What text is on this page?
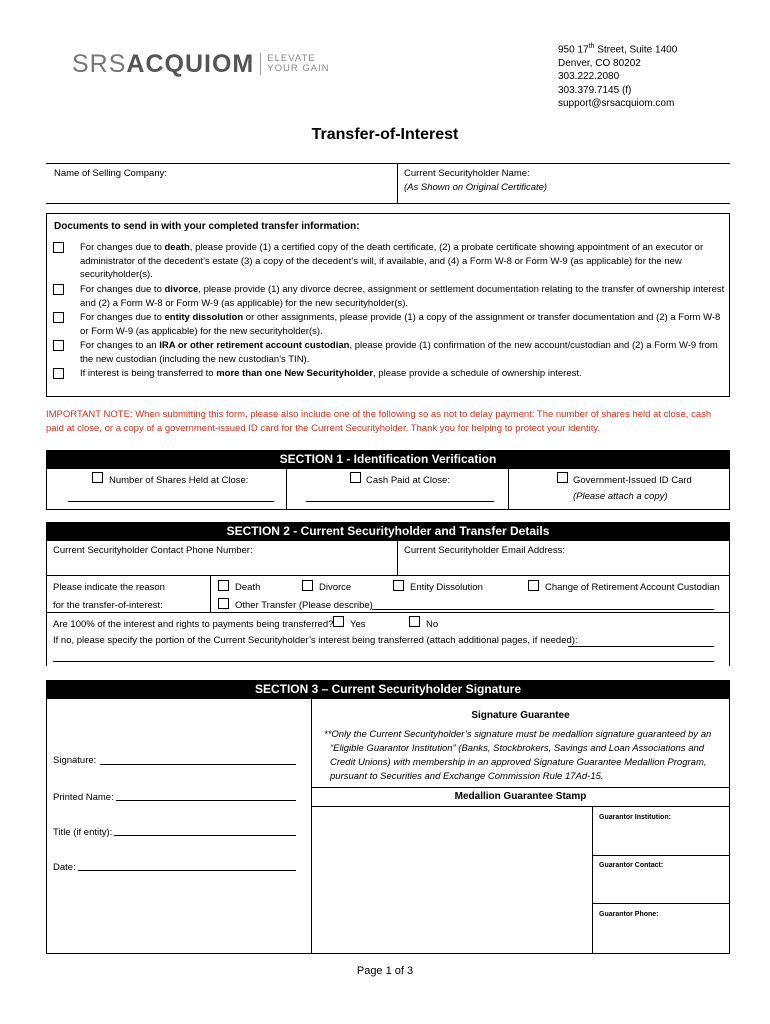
SRS ACQUIOM ELEVATE
YOUR GAIN
950 17th Street, Suite 1400
Denver, CO 80202
303.222.2080
303.379.7145 (f)
support@srsacquiom.com
Transfer-of-Interest
Name of Selling Company:	Current Securityholder Name:
(As Shown on Original Certificate)
Documents to send in with your completed transfer information:
For changes due to death, please provide (1) a certified copy of the death certificate, (2) a probate certificate showing appointment of an executor or administrator of the decedent’s estate (3) a copy of the decedent’s will, if available, and (4) a Form W-8 or Form W-9 (as applicable) for the new securityholder(s).
For changes due to divorce, please provide (1) any divorce decree, assignment or settlement documentation relating to the transfer of ownership interest and (2) a Form W-8 or Form W-9 (as applicable) for the new securityholder(s).
For changes due to entity dissolution or other assignments, please provide (1) a copy of the assignment or transfer documentation and (2) a Form W-8 or Form W-9 (as applicable) for the new securityholder(s).
For changes to an IRA or other retirement account custodian, please provide (1) confirmation of the new account/custodian and (2) a Form W-9 from the new custodian (including the new custodian’s TIN).
If interest is being transferred to more than one New Securityholder, please provide a schedule of ownership interest.
IMPORTANT NOTE: When submitting this form, please also include one of the following so as not to delay payment: The number of shares held at close, cash paid at close, or a copy of a government-issued ID card for the Current Securityholder. Thank you for helping to protect your identity.
SECTION 1 - Identification Verification
Number of Shares Held at Close:	Cash Paid at Close:	Government-Issued ID Card
(Please attach a copy)
SECTION 2 - Current Securityholder and Transfer Details
Current Securityholder Contact Phone Number:	Current Securityholder Email Address:
Please indicate the reason
for the transfer-of-interest:
Death	Divorce	Entity Dissolution	Change of Retirement Account Custodian
Other Transfer (Please describe)
Are 100% of the interest and rights to payments being transferred? Yes	No
If no, please specify the portion of the Current Securityholder’s interest being transferred (attach additional pages, if needed):
SECTION 3 – Current Securityholder Signature
Signature:
Printed Name:
Title (if entity):
Date:
Signature Guarantee
**Only the Current Securityholder’s signature must be medallion signature guaranteed by an “Eligible Guarantor Institution” (Banks, Stockbrokers, Savings and Loan Associations and Credit Unions) with membership in an approved Signature Guarantee Medallion Program, pursuant to Securities and Exchange Commission Rule 17Ad-15.
Medallion Guarantee Stamp
Guarantor Institution:
Guarantor Contact:
Guarantor Phone:
Page 1 of 3
